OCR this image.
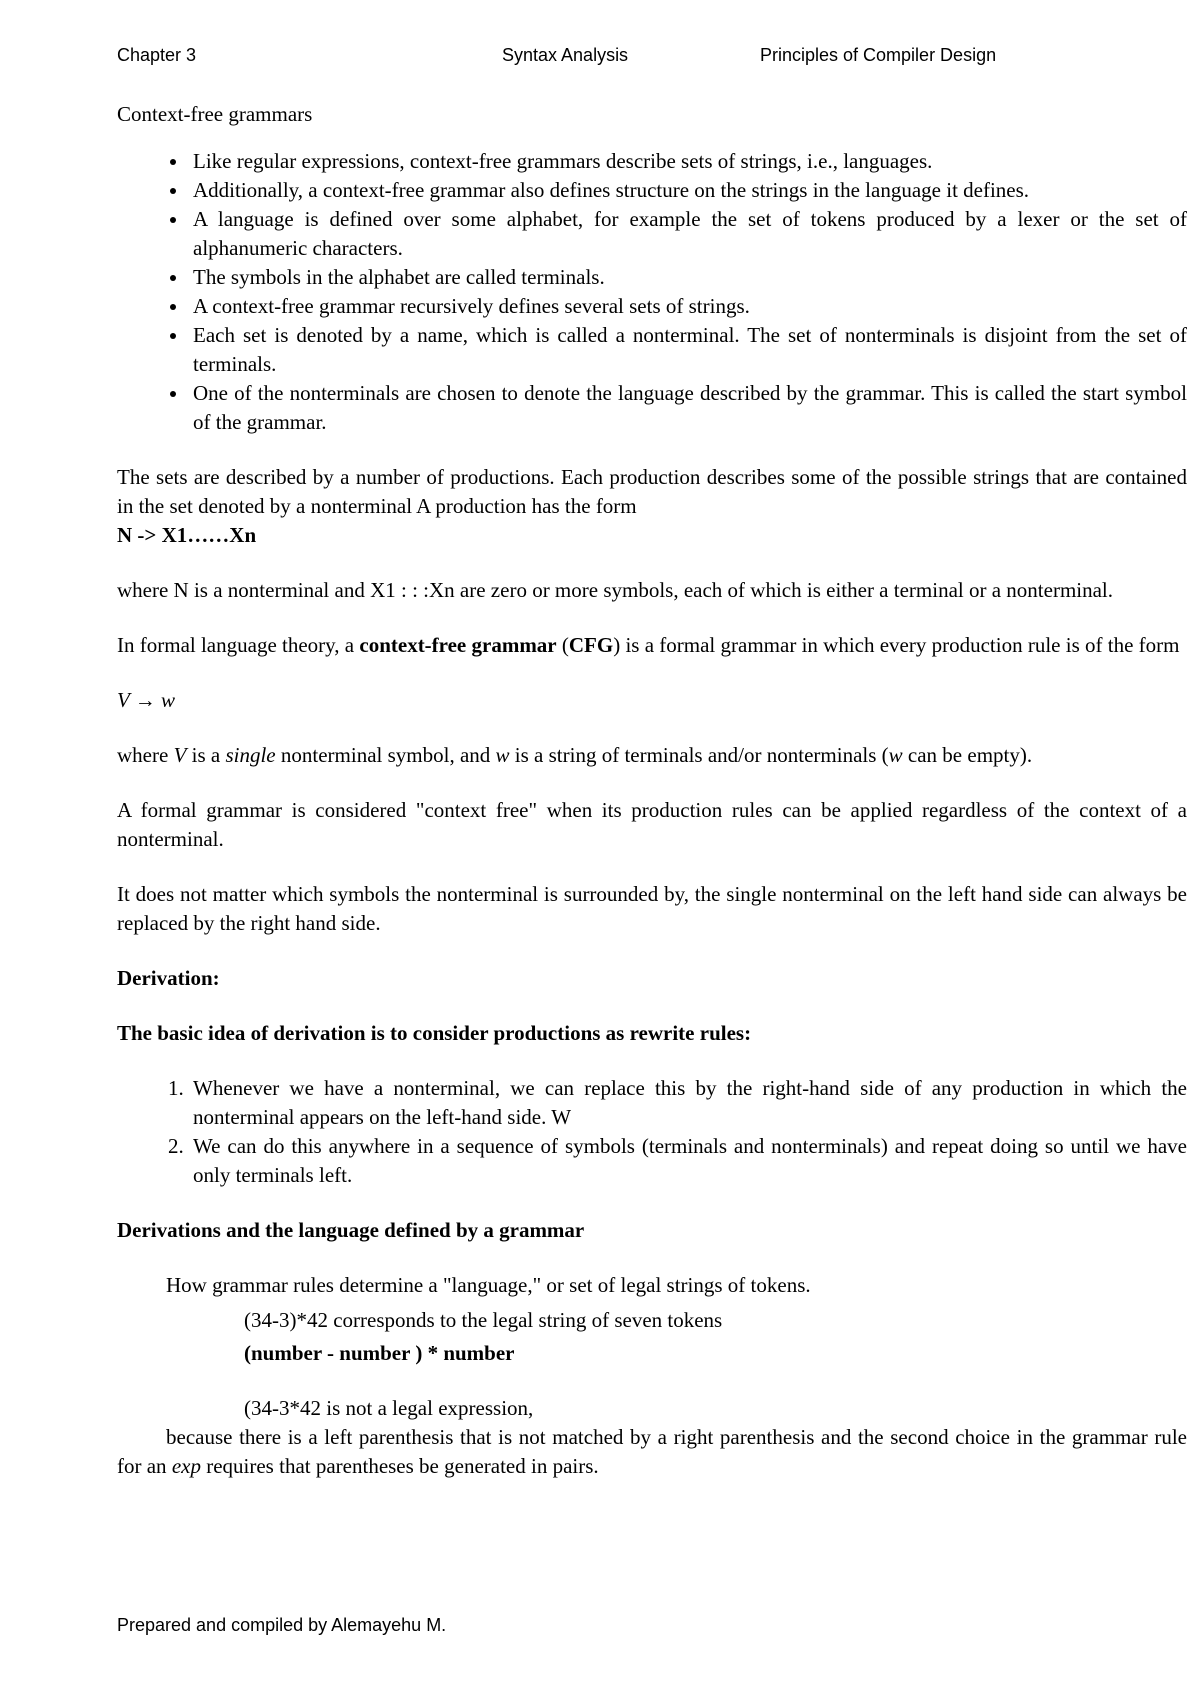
Chapter 3	Syntax Analysis	Principles of Compiler Design
Context-free grammars
• Like regular expressions, context-free grammars describe sets of strings, i.e., languages.
• Additionally, a context-free grammar also defines structure on the strings in the language it defines.
• A language is defined over some alphabet, for example the set of tokens produced by a lexer or the set of alphanumeric characters.
• The symbols in the alphabet are called terminals.
• A context-free grammar recursively defines several sets of strings.
• Each set is denoted by a name, which is called a nonterminal. The set of nonterminals is disjoint from the set of terminals.
• One of the nonterminals are chosen to denote the language described by the grammar. This is called the start symbol of the grammar.
The sets are described by a number of productions. Each production describes some of the possible strings that are contained in the set denoted by a nonterminal A production has the form
N -> X1……Xn
where N is a nonterminal and X1 : : :Xn are zero or more symbols, each of which is either a terminal or a nonterminal.
In formal language theory, a context-free grammar (CFG) is a formal grammar in which every production rule is of the form
V → w
where V is a single nonterminal symbol, and w is a string of terminals and/or nonterminals (w can be empty).
A formal grammar is considered "context free" when its production rules can be applied regardless of the context of a nonterminal.
It does not matter which symbols the nonterminal is surrounded by, the single nonterminal on the left hand side can always be replaced by the right hand side.
Derivation:
The basic idea of derivation is to consider productions as rewrite rules:
1. Whenever we have a nonterminal, we can replace this by the right-hand side of any production in which the nonterminal appears on the left-hand side. W
2. We can do this anywhere in a sequence of symbols (terminals and nonterminals) and repeat doing so until we have only terminals left.
Derivations and the language defined by a grammar
How grammar rules determine a "language," or set of legal strings of tokens.
(34-3)*42 corresponds to the legal string of seven tokens
(number - number ) * number
(34-3*42 is not a legal expression,
because there is a left parenthesis that is not matched by a right parenthesis and the second choice in the grammar rule for an exp requires that parentheses be generated in pairs.
Prepared and compiled by Alemayehu M.
